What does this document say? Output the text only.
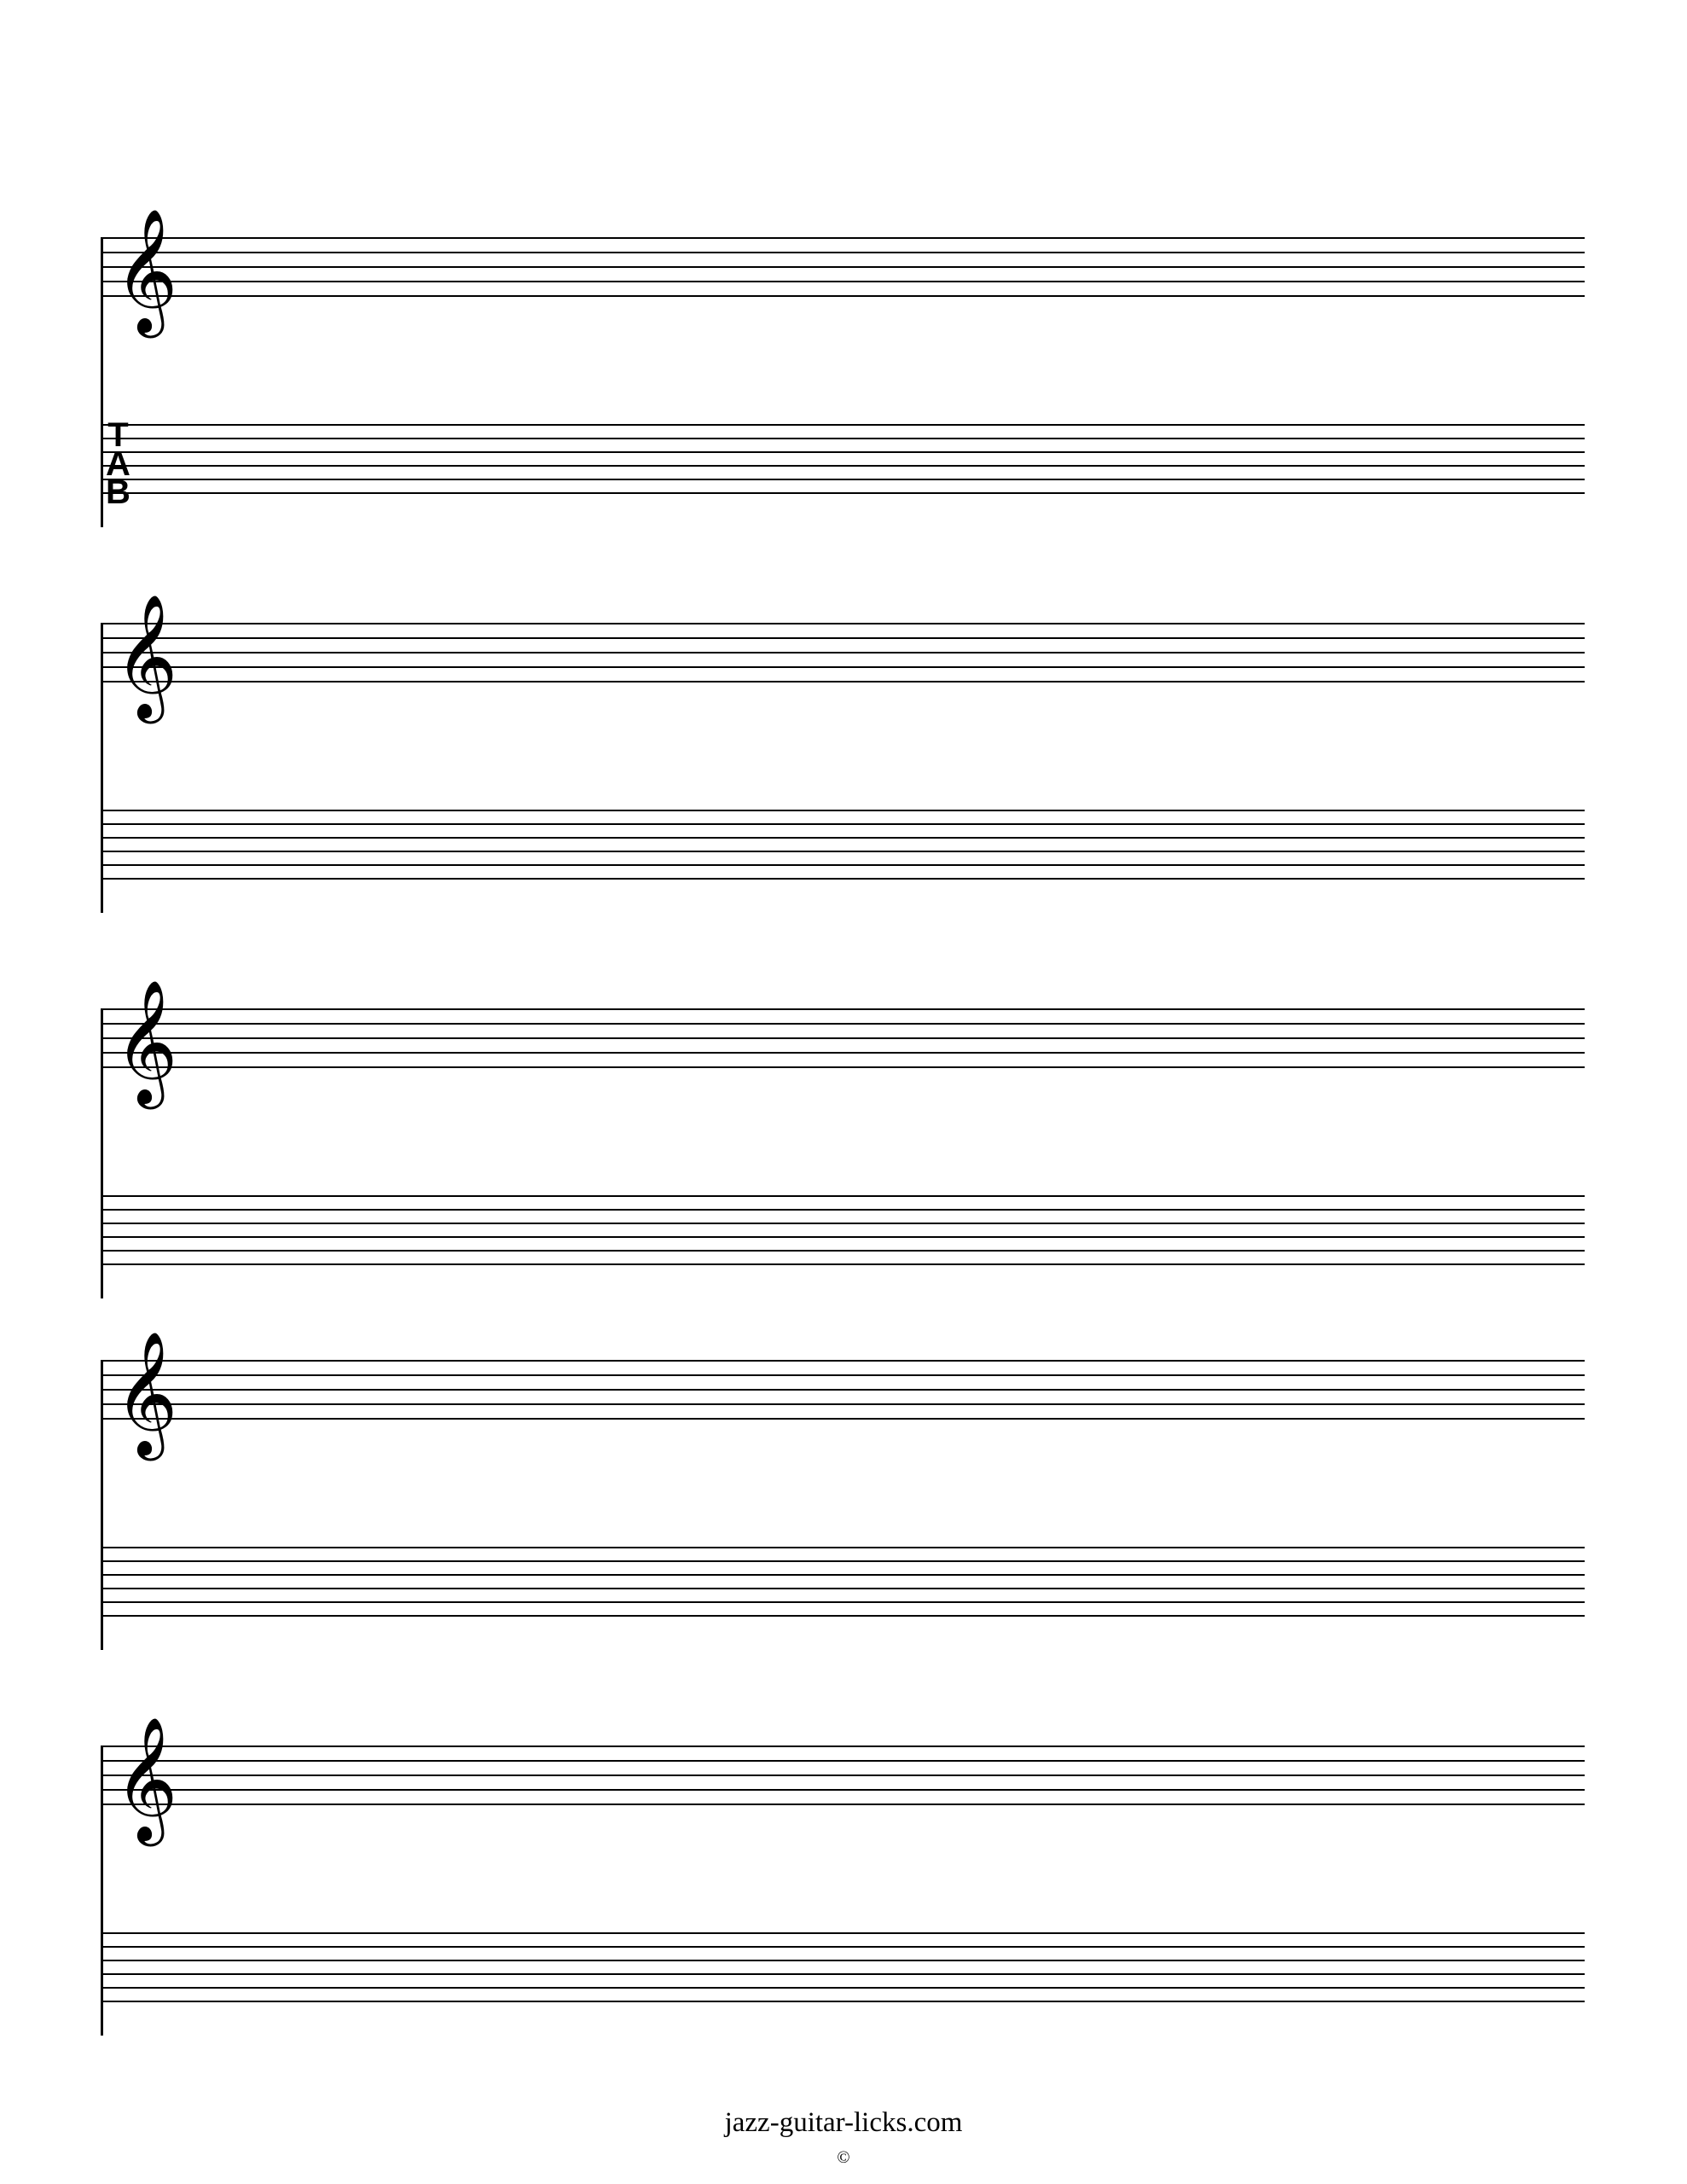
𝄞
T
A
B
𝄞
𝄞
𝄞
𝄞
jazz-guitar-licks.com
©
